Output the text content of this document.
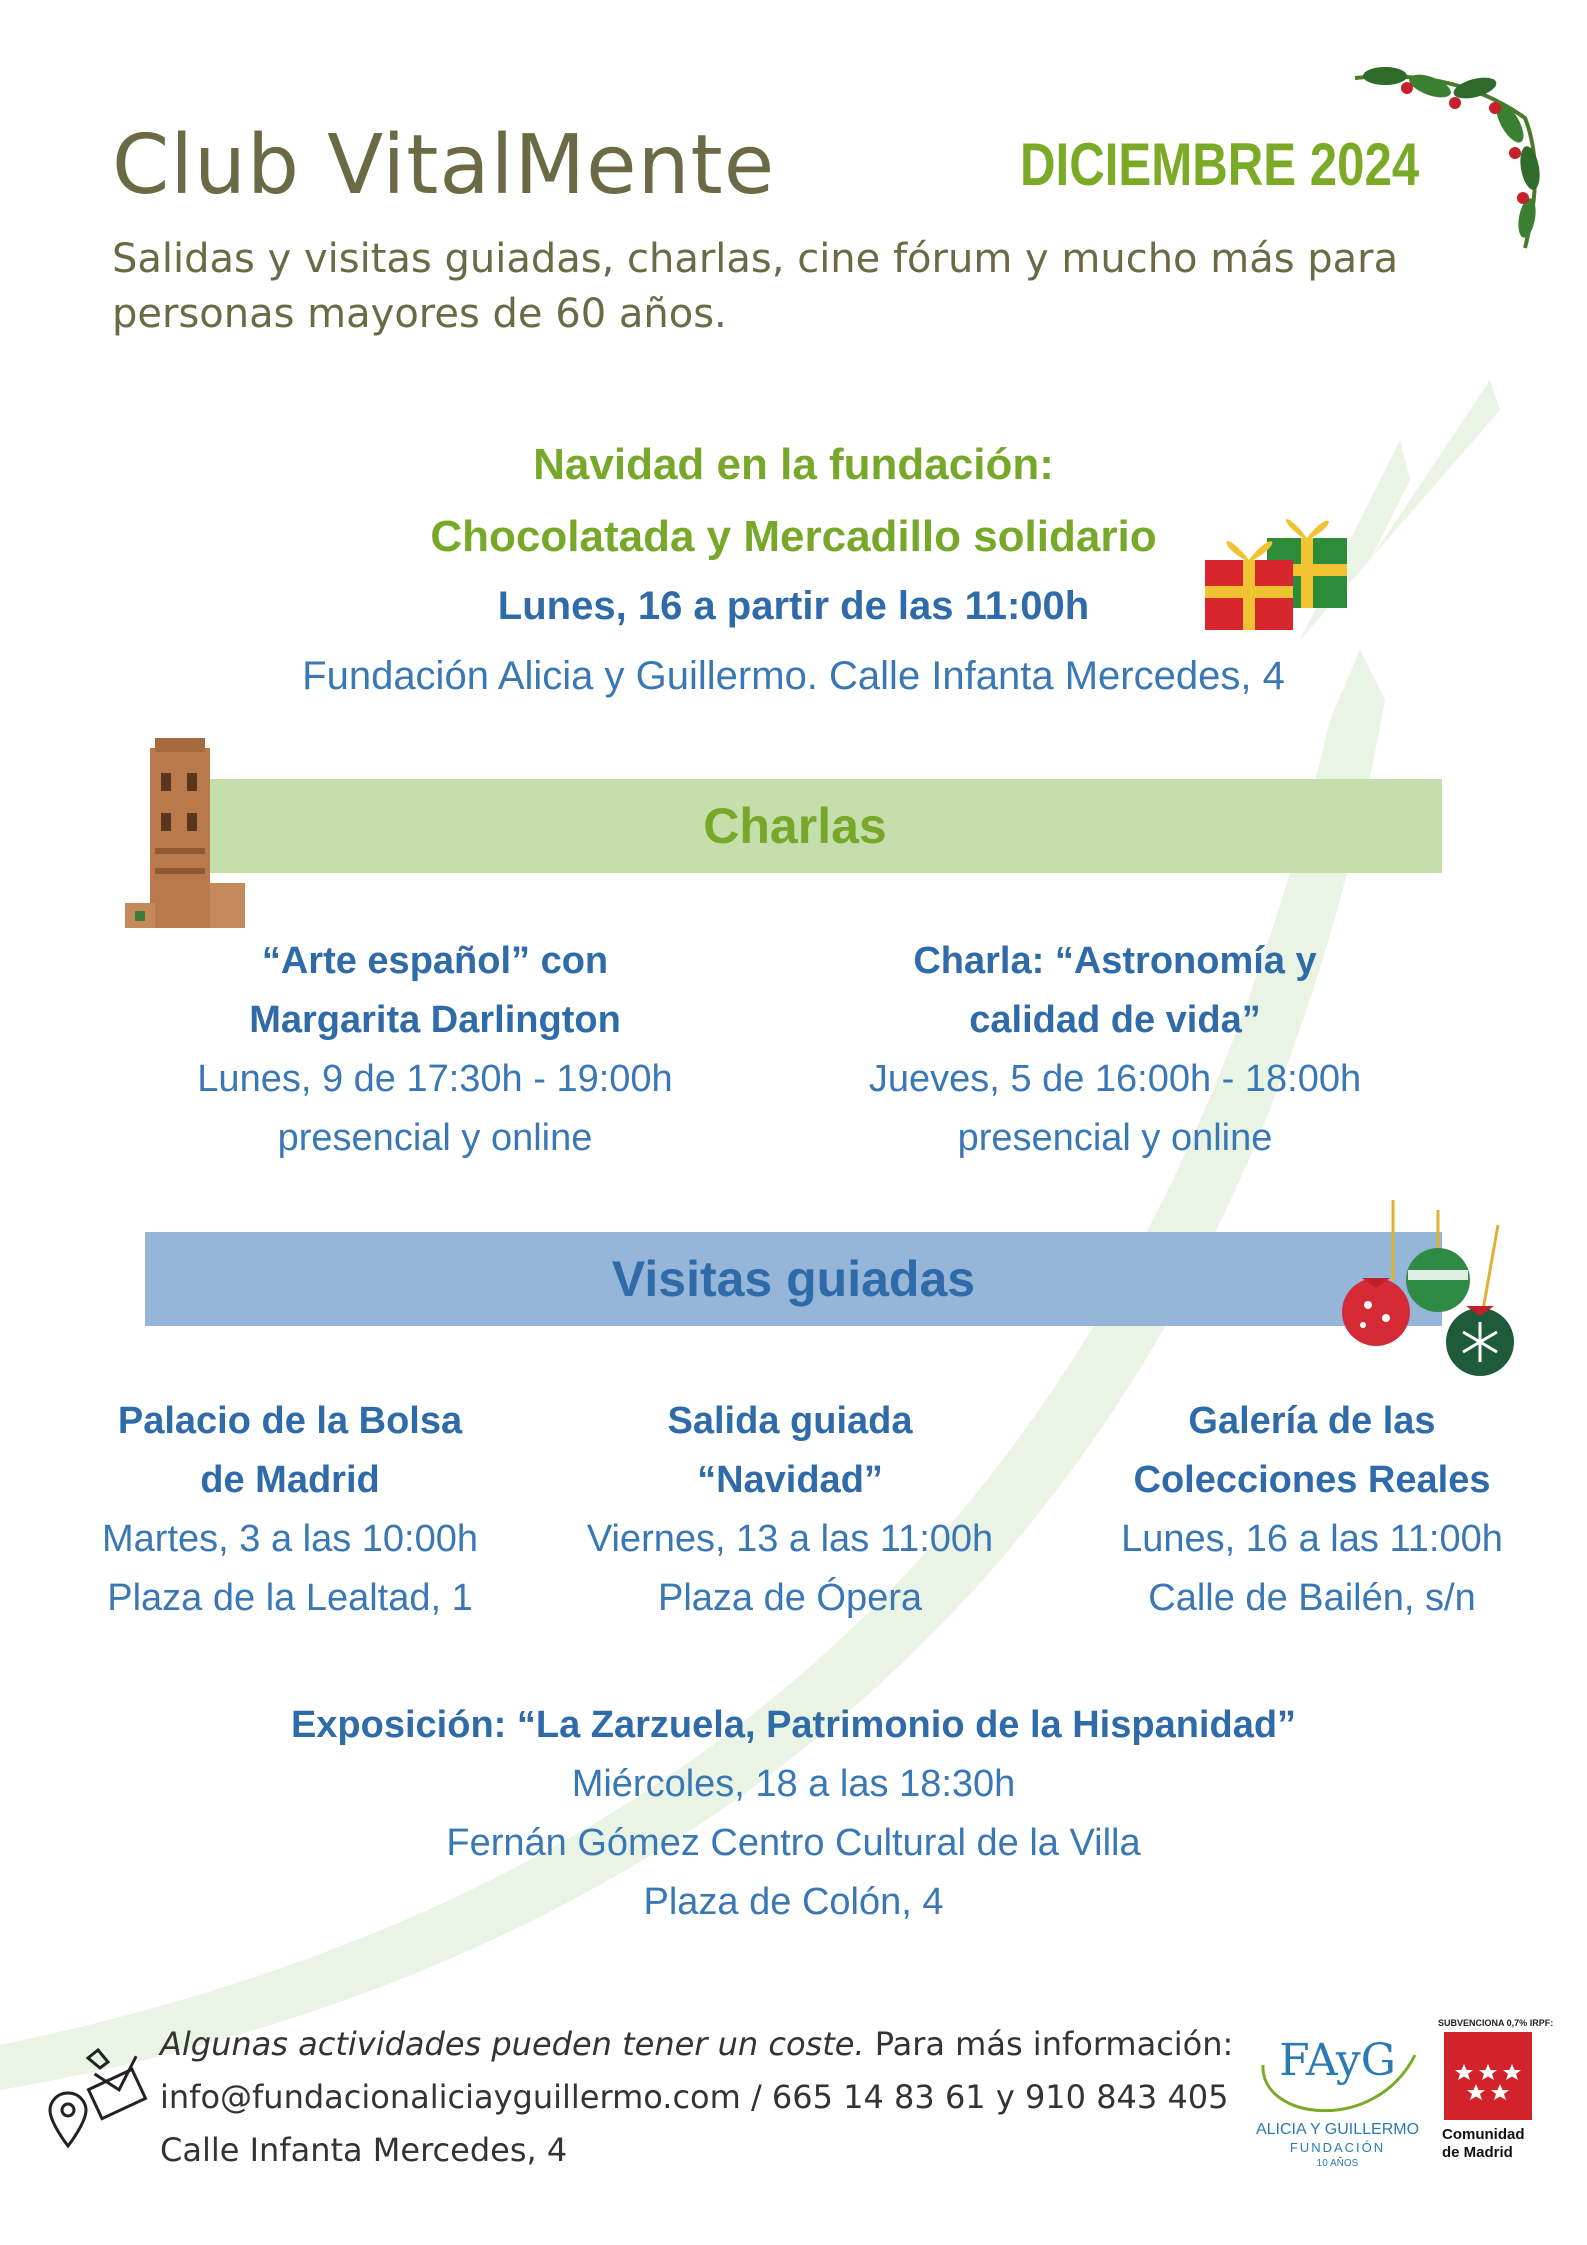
Club VitalMente	DICIEMBRE 2024
Salidas y visitas guiadas, charlas, cine fórum y mucho más para personas mayores de 60 años.
Navidad en la fundación:
Chocolatada y Mercadillo solidario
Lunes, 16 a partir de las 11:00h
Fundación Alicia y Guillermo. Calle Infanta Mercedes, 4
Charlas
“Arte español” con
Margarita Darlington
Lunes, 9 de 17:30h - 19:00h
presencial y online
Charla: “Astronomía y
calidad de vida”
Jueves, 5 de 16:00h - 18:00h
presencial y online
Visitas guiadas
Palacio de la Bolsa
de Madrid
Martes, 3 a las 10:00h
Plaza de la Lealtad, 1
Salida guiada
“Navidad”
Viernes, 13 a las 11:00h
Plaza de Ópera
Galería de las
Colecciones Reales
Lunes, 16 a las 11:00h
Calle de Bailén, s/n
Exposición: “La Zarzuela, Patrimonio de la Hispanidad”
Miércoles, 18 a las 18:30h
Fernán Gómez Centro Cultural de la Villa
Plaza de Colón, 4
Algunas actividades pueden tener un coste. Para más información:
info@fundacionaliciayguillermo.com / 665 14 83 61 y 910 843 405
Calle Infanta Mercedes, 4
FAyG
ALICIA Y GUILLERMO
FUNDACIÓN
10 AÑOS
SUBVENCIONA 0,7% IRPF:
Comunidad
de Madrid
